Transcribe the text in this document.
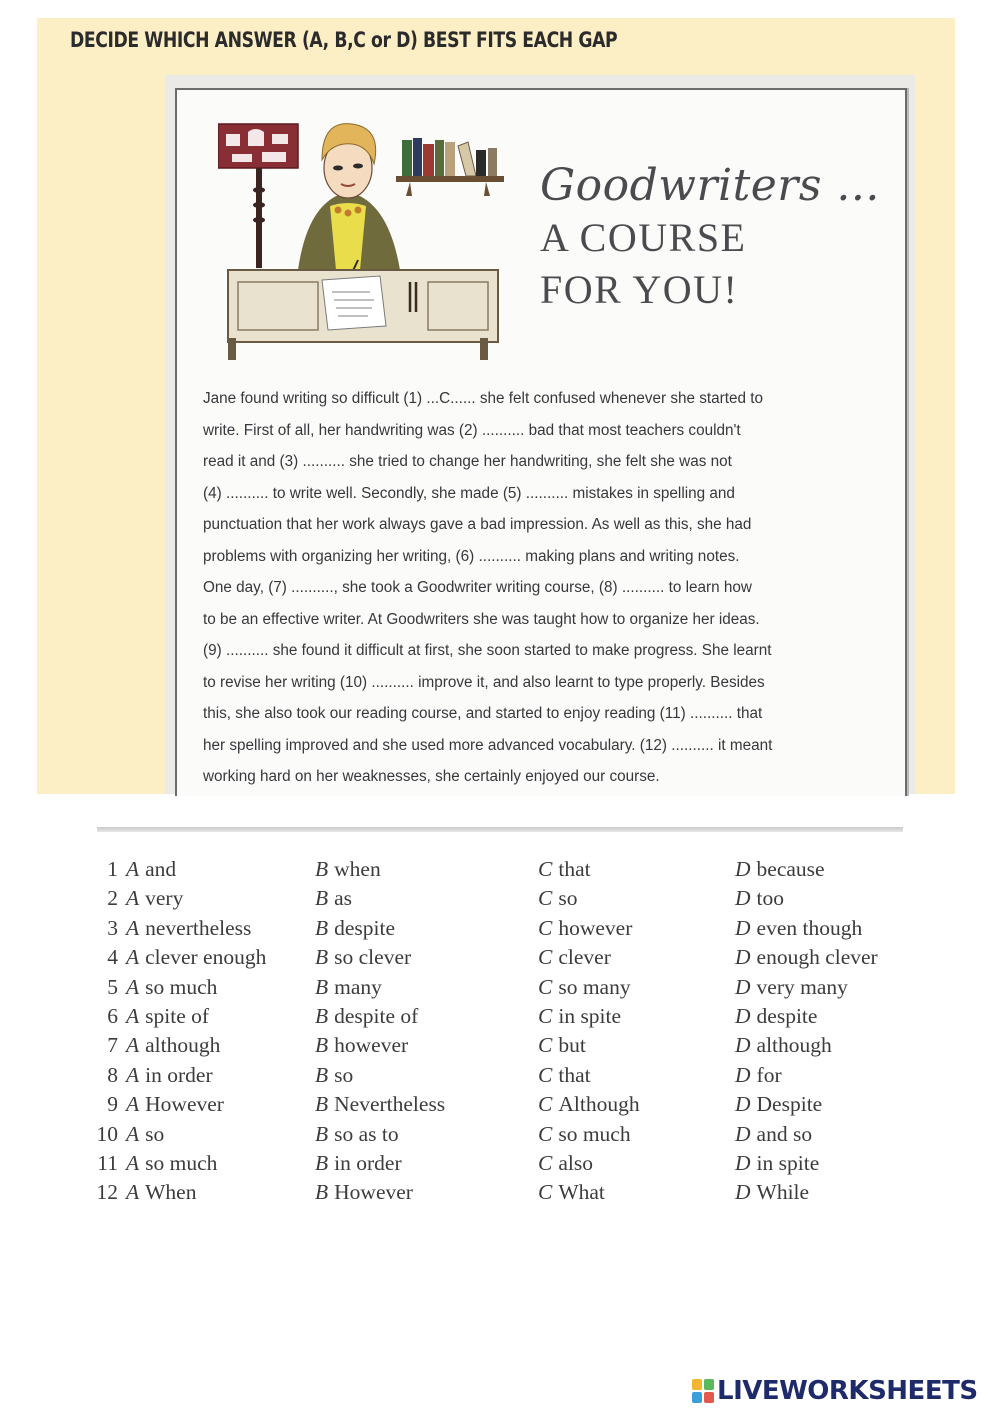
DECIDE WHICH ANSWER (A, B,C or D) BEST FITS EACH GAP
Goodwriters ...
A COURSE
FOR YOU!

Jane found writing so difficult (1) ...C...... she felt confused whenever she started to

write. First of all, her handwriting was (2) .......... bad that most teachers couldn't

read it and (3) .......... she tried to change her handwriting, she felt she was not

(4) .......... to write well. Secondly, she made (5) .......... mistakes in spelling and

punctuation that her work always gave a bad impression. As well as this, she had

problems with organizing her writing, (6) .......... making plans and writing notes.

One day, (7) .........., she took a Goodwriter writing course, (8) .......... to learn how

to be an effective writer. At Goodwriters she was taught how to organize her ideas.

(9) .......... she found it difficult at first, she soon started to make progress. She learnt

to revise her writing (10) .......... improve it, and also learnt to type properly. Besides

this, she also took our reading course, and started to enjoy reading (11) .......... that

her spelling improved and she used more advanced vocabulary. (12) .......... it meant

working hard on her weaknesses, she certainly enjoyed our course.

1 A and	B when	C that	D because
2 A very	B as	C so	D too
3 A nevertheless	B despite	C however	D even though
4 A clever enough B so clever	C clever	D enough clever
5 A so much	B many	C so many	D very many
6 A spite of	B despite of	C in spite	D despite
7 A although	B however	C but	D although
8 A in order	B so	C that	D for
9 A However	B Nevertheless	C Although	D Despite
10 A so	B so as to	C so much	D and so
11 A so much	B in order	C also	D in spite
12 A When	B However	C What	D While
LIVEWORKSHEETS
